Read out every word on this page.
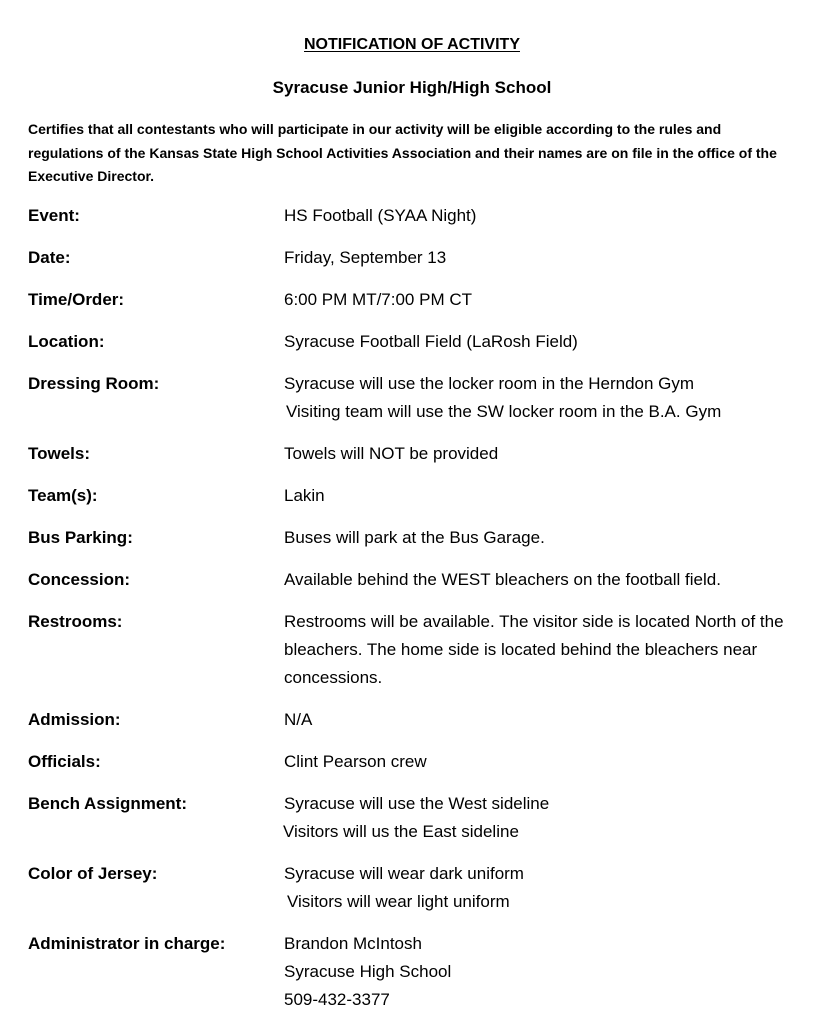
NOTIFICATION OF ACTIVITY
Syracuse Junior High/High School
Certifies that all contestants who will participate in our activity will be eligible according to the rules and regulations of the Kansas State High School Activities Association and their names are on file in the office of the Executive Director.
Event:	HS Football (SYAA Night)
Date:	Friday, September 13
Time/Order:	6:00 PM MT/7:00 PM CT
Location:	Syracuse Football Field (LaRosh Field)
Dressing Room:	Syracuse will use the locker room in the Herndon Gym
Visiting team will use the SW locker room in the B.A. Gym
Towels:	Towels will NOT be provided
Team(s):	Lakin
Bus Parking:	Buses will park at the Bus Garage.
Concession:	Available behind the WEST bleachers on the football field.
Restrooms:	Restrooms will be available. The visitor side is located North of the bleachers. The home side is located behind the bleachers near concessions.
Admission:	N/A
Officials:	Clint Pearson crew
Bench Assignment:	Syracuse will use the West sideline
Visitors will us the East sideline
Color of Jersey:	Syracuse will wear dark uniform
Visitors will wear light uniform
Administrator in charge:	Brandon McIntosh
Syracuse High School
509-432-3377
